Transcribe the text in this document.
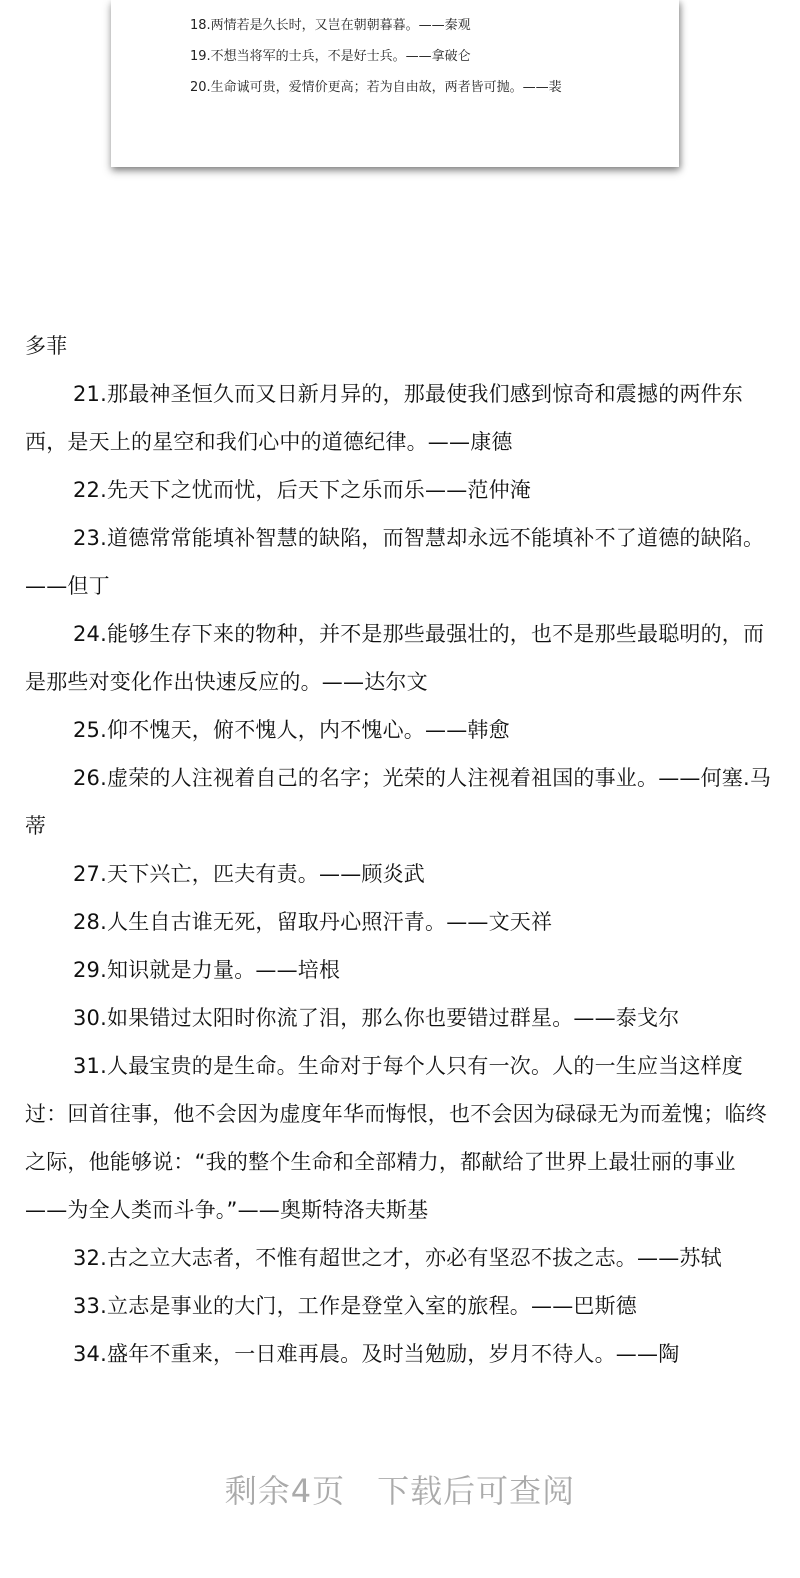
18.两情若是久长时，又岂在朝朝暮暮。——秦观
19.不想当将军的士兵，不是好士兵。——拿破仑
20.生命诚可贵，爱情价更高；若为自由故，两者皆可抛。——裴

多菲

21.那最神圣恒久而又日新月异的，那最使我们感到惊奇和震撼的两件东西，是天上的星空和我们心中的道德纪律。——康德

22.先天下之忧而忧，后天下之乐而乐——范仲淹

23.道德常常能填补智慧的缺陷，而智慧却永远不能填补不了道德的缺陷。——但丁

24.能够生存下来的物种，并不是那些最强壮的，也不是那些最聪明的，而是那些对变化作出快速反应的。——达尔文

25.仰不愧天，俯不愧人，内不愧心。——韩愈

26.虚荣的人注视着自己的名字；光荣的人注视着祖国的事业。——何塞.马蒂

27.天下兴亡，匹夫有责。——顾炎武

28.人生自古谁无死，留取丹心照汗青。——文天祥

29.知识就是力量。——培根

30.如果错过太阳时你流了泪，那么你也要错过群星。——泰戈尔

31.人最宝贵的是生命。生命对于每个人只有一次。人的一生应当这样度过：回首往事，他不会因为虚度年华而悔恨，也不会因为碌碌无为而羞愧；临终之际，他能够说：“我的整个生命和全部精力，都献给了世界上最壮丽的事业——为全人类而斗争。”——奥斯特洛夫斯基

32.古之立大志者，不惟有超世之才，亦必有坚忍不拔之志。——苏轼

33.立志是事业的大门，工作是登堂入室的旅程。——巴斯德

34.盛年不重来，一日难再晨。及时当勉励，岁月不待人。——陶

剩余4页 下载后可查阅
